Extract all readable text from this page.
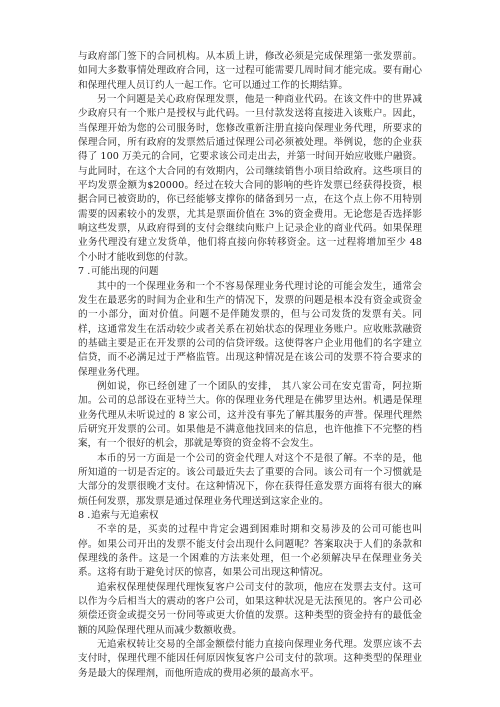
与政府部门签下的合同机构。从本质上讲，修改必须是完成保理第一张发票前。如同大多数事情处理政府合同，这一过程可能需要几周时间才能完成。要有耐心和保理代理人员订约人一起工作。它可以通过工作的长期结算。

另一个问题是关心政府保理发票，他是一种商业代码。在该文件中的世界减少政府只有一个账户是授权与此代码。一旦付款发送将直接进入该账户。因此，当保理开始为您的公司服务时，您修改重新注册直接向保理业务代理，所要求的保理合同，所有政府的发票然后通过保理公司必须被处理。举例说，您的企业获得了 100 万美元的合同，它要求该公司走出去，并第一时间开始应收账户融资。与此同时，在这个大合同的有效期内，公司继续销售小项目给政府。这些项目的平均发票金额为$20000。经过在较大合同的影响的些许发票已经获得投资，根据合同已被资助的，你已经能够支撑你的储备到另一点，在这个点上你不用特别需要的因素较小的发票，尤其是票面价值在 3%的资金费用。无论您是否选择影响这些发票，从政府得到的支付会继续向账户上记录企业的商业代码。如果保理业务代理没有建立发货单，他们将直接向你转移资金。这一过程将增加至少 48 个小时才能收到您的付款。

7 .可能出现的问题

其中的一个保理业务和一个不容易保理业务代理讨论的可能会发生，通常会发生在最恶劣的时间为企业和生产的情况下，发票的问题是根本没有资金或资金的一小部分，面对价值。问题不是伴随发票的，但与公司发货的发票有关。同样，这通常发生在活动较少或者关系在初始状态的保理业务账户。应收账款融资的基础主要是正在开发票的公司的信贷评级。这使得客户企业用他们的名字建立信贷，而不必满足过于严格监管。出现这种情况是在该公司的发票不符合要求的保理业务代理。

例如说，你已经创建了一个团队的安排， 其八家公司在安克雷奇，阿拉斯加。公司的总部设在亚特兰大。你的保理业务代理是在佛罗里达州。机遇是保理业务代理从未听说过的 8 家公司，这并没有事先了解其服务的声誉。保理代理然后研究开发票的公司。如果他是不满意他找回来的信息，也许他推下不完整的档案，有一个很好的机会，那就是筹资的资金将不会发生。

本币的另一方面是一个公司的资金代理人对这个不是很了解。不幸的是，他所知道的一切是否定的。该公司最近失去了重要的合同。该公司有一个习惯就是大部分的发票很晚才支付。在这种情况下，你在获得任意发票方面将有很大的麻烦任何发票，那发票是通过保理业务代理送到这家企业的。

8 .追索与无追索权

不幸的是，买卖的过程中肯定会遇到困难时期和交易涉及的公司可能也叫停。如果公司开出的发票不能支付会出现什么问题呢？答案取决于人们的条款和保理线的条件。这是一个困难的方法来处理，但一个必须解决早在保理业务关系。这将有助于避免讨厌的惊喜，如果公司出现这种情况。

追索权保理使保理代理恢复客户公司支付的款项，他应在发票去支付。这可以作为今后相当大的震动的客户公司，如果这种状况是无法预见的。客户公司必须偿还资金或提交另一份同等或更大价值的发票。这种类型的资金持有的最低金额的风险保理代理从而减少数额收费。

无追索权转让交易的全部金额偿付能力直接向保理业务代理。发票应该不去支付时，保理代理不能因任何原因恢复客户公司支付的款项。这种类型的保理业务是最大的保理剂，而他所造成的费用必须的最高水平。
